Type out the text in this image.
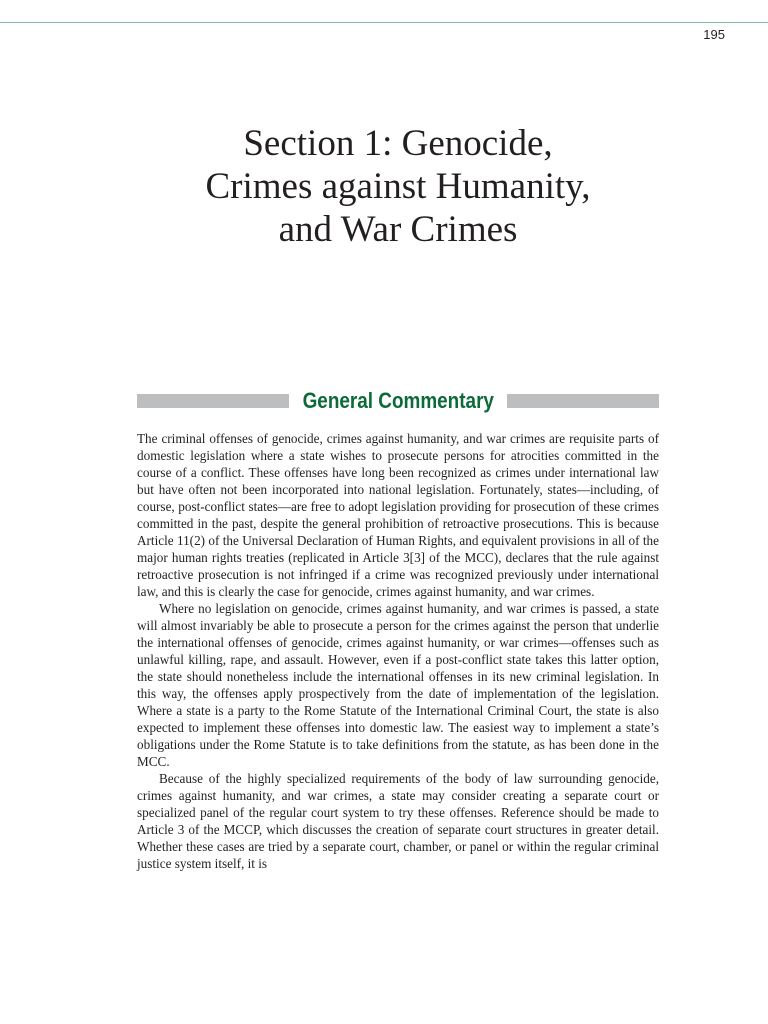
195
Section 1: Genocide,
Crimes against Humanity,
and War Crimes
General Commentary

The criminal offenses of genocide, crimes against humanity, and war crimes are requisite parts of domestic legislation where a state wishes to prosecute persons for atrocities committed in the course of a conflict. These offenses have long been recognized as crimes under international law but have often not been incorporated into national legislation. Fortunately, states—including, of course, post-conflict states—are free to adopt legislation providing for prosecution of these crimes committed in the past, despite the general prohibition of retroactive prosecutions. This is because Article 11(2) of the Universal Declaration of Human Rights, and equivalent provisions in all of the major human rights treaties (replicated in Article 3[3] of the MCC), declares that the rule against retroactive prosecution is not infringed if a crime was recognized previously under international law, and this is clearly the case for genocide, crimes against humanity, and war crimes.

Where no legislation on genocide, crimes against humanity, and war crimes is passed, a state will almost invariably be able to prosecute a person for the crimes against the person that underlie the international offenses of genocide, crimes against humanity, or war crimes—offenses such as unlawful killing, rape, and assault. However, even if a post-conflict state takes this latter option, the state should nonetheless include the international offenses in its new criminal legislation. In this way, the offenses apply prospectively from the date of implementation of the legislation. Where a state is a party to the Rome Statute of the International Criminal Court, the state is also expected to implement these offenses into domestic law. The easiest way to implement a state’s obligations under the Rome Statute is to take definitions from the statute, as has been done in the MCC.

Because of the highly specialized requirements of the body of law surrounding genocide, crimes against humanity, and war crimes, a state may consider creating a separate court or specialized panel of the regular court system to try these offenses. Reference should be made to Article 3 of the MCCP, which discusses the creation of separate court structures in greater detail. Whether these cases are tried by a separate court, chamber, or panel or within the regular criminal justice system itself, it is
